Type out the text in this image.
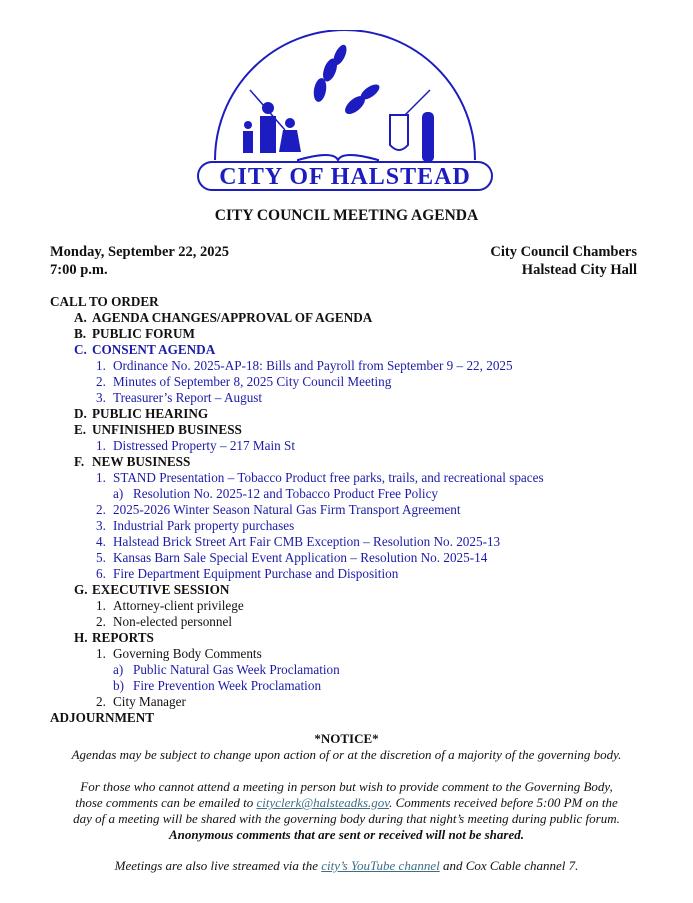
CITY OF HALSTEAD
CITY COUNCIL MEETING AGENDA
Monday, September 22, 2025
7:00 p.m.
City Council Chambers
Halstead City Hall
CALL TO ORDER
A. AGENDA CHANGES/APPROVAL OF AGENDA
B. PUBLIC FORUM
C. CONSENT AGENDA
1. Ordinance No. 2025-AP-18: Bills and Payroll from September 9 – 22, 2025
2. Minutes of September 8, 2025 City Council Meeting
3. Treasurer’s Report – August
D. PUBLIC HEARING
E. UNFINISHED BUSINESS
1. Distressed Property – 217 Main St
F. NEW BUSINESS
1. STAND Presentation – Tobacco Product free parks, trails, and recreational spaces
a) Resolution No. 2025-12 and Tobacco Product Free Policy
2. 2025-2026 Winter Season Natural Gas Firm Transport Agreement
3. Industrial Park property purchases
4. Halstead Brick Street Art Fair CMB Exception – Resolution No. 2025-13
5. Kansas Barn Sale Special Event Application – Resolution No. 2025-14
6. Fire Department Equipment Purchase and Disposition
G. EXECUTIVE SESSION
1. Attorney-client privilege
2. Non-elected personnel
H. REPORTS
1. Governing Body Comments
a) Public Natural Gas Week Proclamation
b) Fire Prevention Week Proclamation
2. City Manager
ADJOURNMENT
*NOTICE*
Agendas may be subject to change upon action of or at the discretion of a majority of the governing body.
For those who cannot attend a meeting in person but wish to provide comment to the Governing Body,
those comments can be emailed to cityclerk@halsteadks.gov. Comments received before 5:00 PM on the
day of a meeting will be shared with the governing body during that night’s meeting during public forum.
Anonymous comments that are sent or received will not be shared.
Meetings are also live streamed via the city’s YouTube channel and Cox Cable channel 7.
